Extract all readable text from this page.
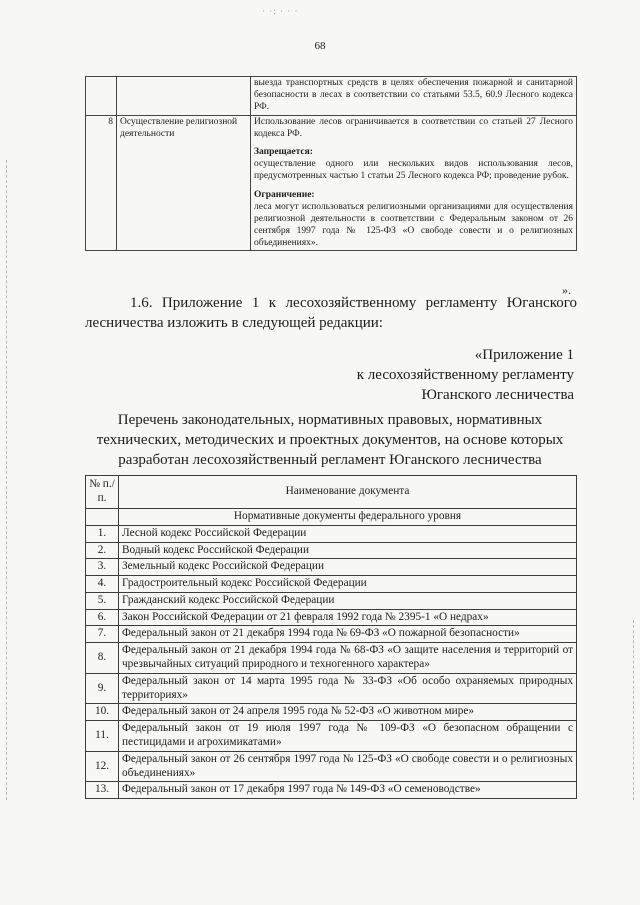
· ·: · · ·
68
		выезда транспортных средств в целях обеспечения пожарной и санитарной безопасности в лесах в соответствии со статьями 53.5, 60.9 Лесного кодекса РФ.
8	Осуществление религиозной деятельности	Использование лесов ограничивается в соответствии со статьей 27 Лесного кодекса РФ.
Запрещается:
осуществление одного или нескольких видов использования лесов, предусмотренных частью 1 статьи 25 Лесного кодекса РФ; проведение рубок.
Ограничение:
леса могут использоваться религиозными организациями для осуществления религиозной деятельности в соответствии с Федеральным законом от 26 сентября 1997 года № 125-ФЗ «О свободе совести и о религиозных объединениях».
».
1.6. Приложение 1 к лесохозяйственному регламенту Юганского лесничества изложить в следующей редакции:
«Приложение 1
к лесохозяйственному регламенту
Юганского лесничества
Перечень законодательных, нормативных правовых, нормативных технических, методических и проектных документов, на основе которых разработан лесохозяйственный регламент Юганского лесничества
№ п./п.	Наименование документа
	Нормативные документы федерального уровня
1.	Лесной кодекс Российской Федерации
2.	Водный кодекс Российской Федерации
3.	Земельный кодекс Российской Федерации
4.	Градостроительный кодекс Российской Федерации
5.	Гражданский кодекс Российской Федерации
6.	Закон Российской Федерации от 21 февраля 1992 года № 2395-1 «О недрах»
7.	Федеральный закон от 21 декабря 1994 года № 69-ФЗ «О пожарной безопасности»
8.	Федеральный закон от 21 декабря 1994 года № 68-ФЗ «О защите населения и территорий от чрезвычайных ситуаций природного и техногенного характера»
9.	Федеральный закон от 14 марта 1995 года № 33-ФЗ «Об особо охраняемых природных территориях»
10.	Федеральный закон от 24 апреля 1995 года № 52-ФЗ «О животном мире»
11.	Федеральный закон от 19 июля 1997 года № 109-ФЗ «О безопасном обращении с пестицидами и агрохимикатами»
12.	Федеральный закон от 26 сентября 1997 года № 125-ФЗ «О свободе совести и о религиозных объединениях»
13.	Федеральный закон от 17 декабря 1997 года № 149-ФЗ «О семеноводстве»
